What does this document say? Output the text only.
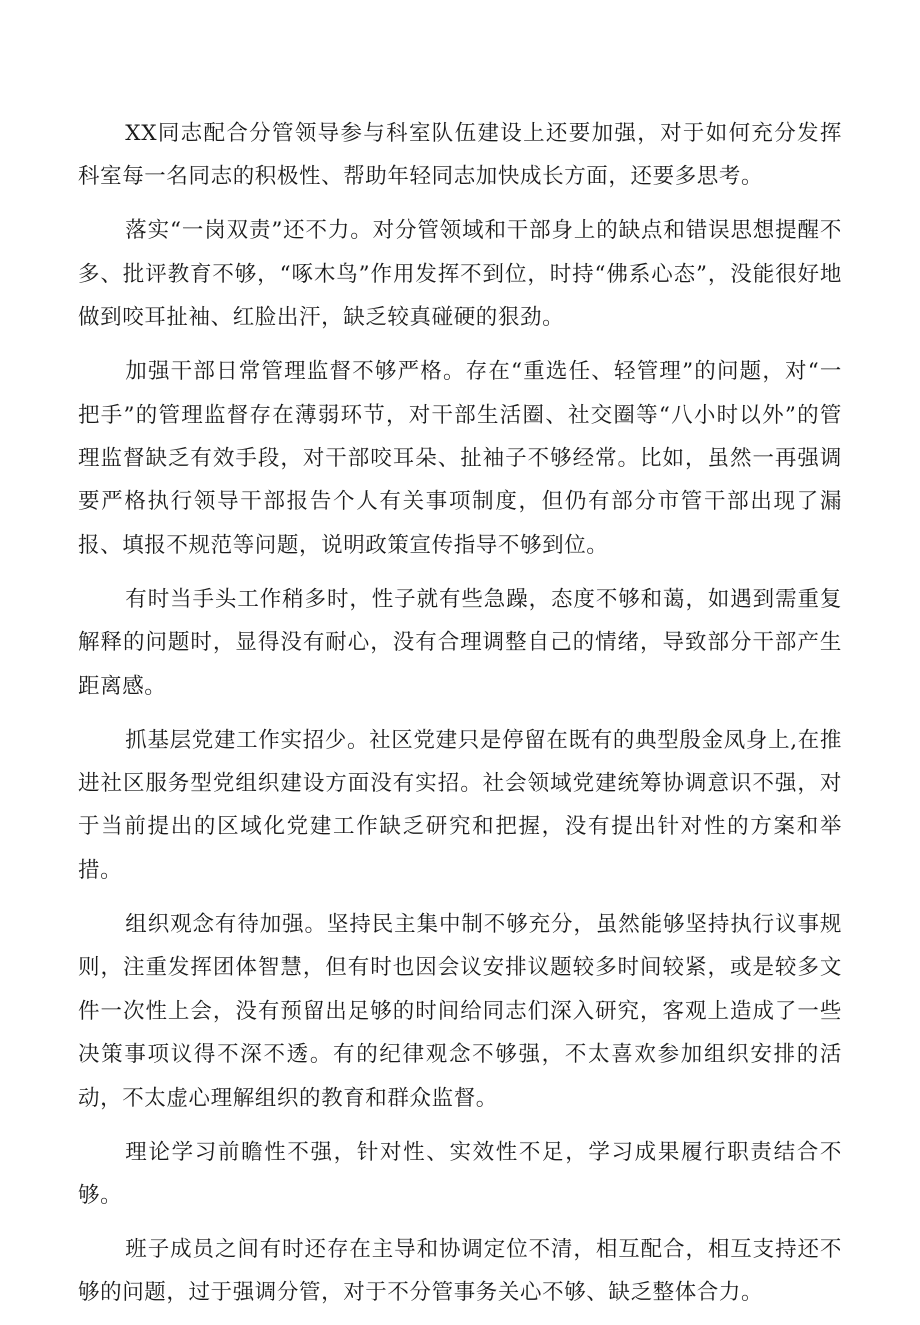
XX同志配合分管领导参与科室队伍建设上还要加强，对于如何充分发挥科室每一名同志的积极性、帮助年轻同志加快成长方面，还要多思考。

落实“一岗双责”还不力。对分管领域和干部身上的缺点和错误思想提醒不多、批评教育不够，“啄木鸟”作用发挥不到位，时持“佛系心态”，没能很好地做到咬耳扯袖、红脸出汗，缺乏较真碰硬的狠劲。

加强干部日常管理监督不够严格。存在“重选任、轻管理”的问题，对“一把手”的管理监督存在薄弱环节，对干部生活圈、社交圈等“八小时以外”的管理监督缺乏有效手段，对干部咬耳朵、扯袖子不够经常。比如，虽然一再强调要严格执行领导干部报告个人有关事项制度，但仍有部分市管干部出现了漏报、填报不规范等问题，说明政策宣传指导不够到位。

有时当手头工作稍多时，性子就有些急躁，态度不够和蔼，如遇到需重复解释的问题时，显得没有耐心，没有合理调整自己的情绪，导致部分干部产生距离感。

抓基层党建工作实招少。社区党建只是停留在既有的典型殷金凤身上,在推进社区服务型党组织建设方面没有实招。社会领域党建统筹协调意识不强，对于当前提出的区域化党建工作缺乏研究和把握，没有提出针对性的方案和举措。

组织观念有待加强。坚持民主集中制不够充分，虽然能够坚持执行议事规则，注重发挥团体智慧，但有时也因会议安排议题较多时间较紧，或是较多文件一次性上会，没有预留出足够的时间给同志们深入研究，客观上造成了一些决策事项议得不深不透。有的纪律观念不够强，不太喜欢参加组织安排的活动，不太虚心理解组织的教育和群众监督。

理论学习前瞻性不强，针对性、实效性不足，学习成果履行职责结合不够。

班子成员之间有时还存在主导和协调定位不清，相互配合，相互支持还不够的问题，过于强调分管，对于不分管事务关心不够、缺乏整体合力。
